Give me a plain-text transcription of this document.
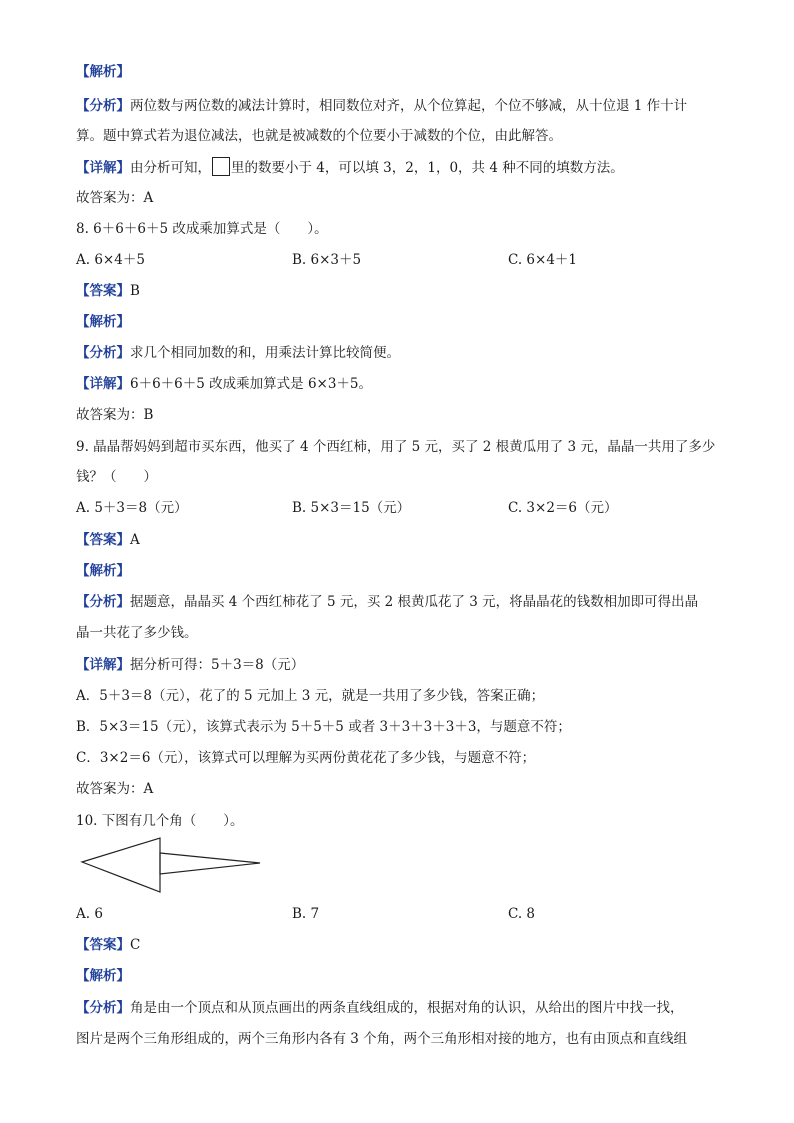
【解析】
【分析】两位数与两位数的减法计算时，相同数位对齐，从个位算起，个位不够减，从十位退 1 作十计
算。题中算式若为退位减法，也就是被减数的个位要小于减数的个位，由此解答。
【详解】由分析可知， 里的数要小于 4，可以填 3，2，1，0，共 4 种不同的填数方法。
故答案为：A
8. 6＋6＋6＋5 改成乘加算式是（　　）。
A. 6×4＋5	B. 6×3＋5	C. 6×4＋1
【答案】B
【解析】
【分析】求几个相同加数的和，用乘法计算比较简便。
【详解】6＋6＋6＋5 改成乘加算式是 6×3＋5。
故答案为：B
9. 晶晶帮妈妈到超市买东西，他买了 4 个西红柿，用了 5 元，买了 2 根黄瓜用了 3 元，晶晶一共用了多少
钱？（　　）
A. 5＋3＝8（元）	B. 5×3＝15（元）	C. 3×2＝6（元）
【答案】A
【解析】
【分析】据题意，晶晶买 4 个西红柿花了 5 元，买 2 根黄瓜花了 3 元，将晶晶花的钱数相加即可得出晶
晶一共花了多少钱。
【详解】据分析可得：5＋3＝8（元）
A．5＋3＝8（元），花了的 5 元加上 3 元，就是一共用了多少钱，答案正确；
B．5×3＝15（元），该算式表示为 5＋5＋5 或者 3＋3＋3＋3＋3，与题意不符；
C．3×2＝6（元），该算式可以理解为买两份黄花花了多少钱，与题意不符；
故答案为：A
10. 下图有几个角（　　）。
A. 6	B. 7	C. 8
【答案】C
【解析】
【分析】角是由一个顶点和从顶点画出的两条直线组成的，根据对角的认识，从给出的图片中找一找，
图片是两个三角形组成的，两个三角形内各有 3 个角，两个三角形相对接的地方，也有由顶点和直线组
